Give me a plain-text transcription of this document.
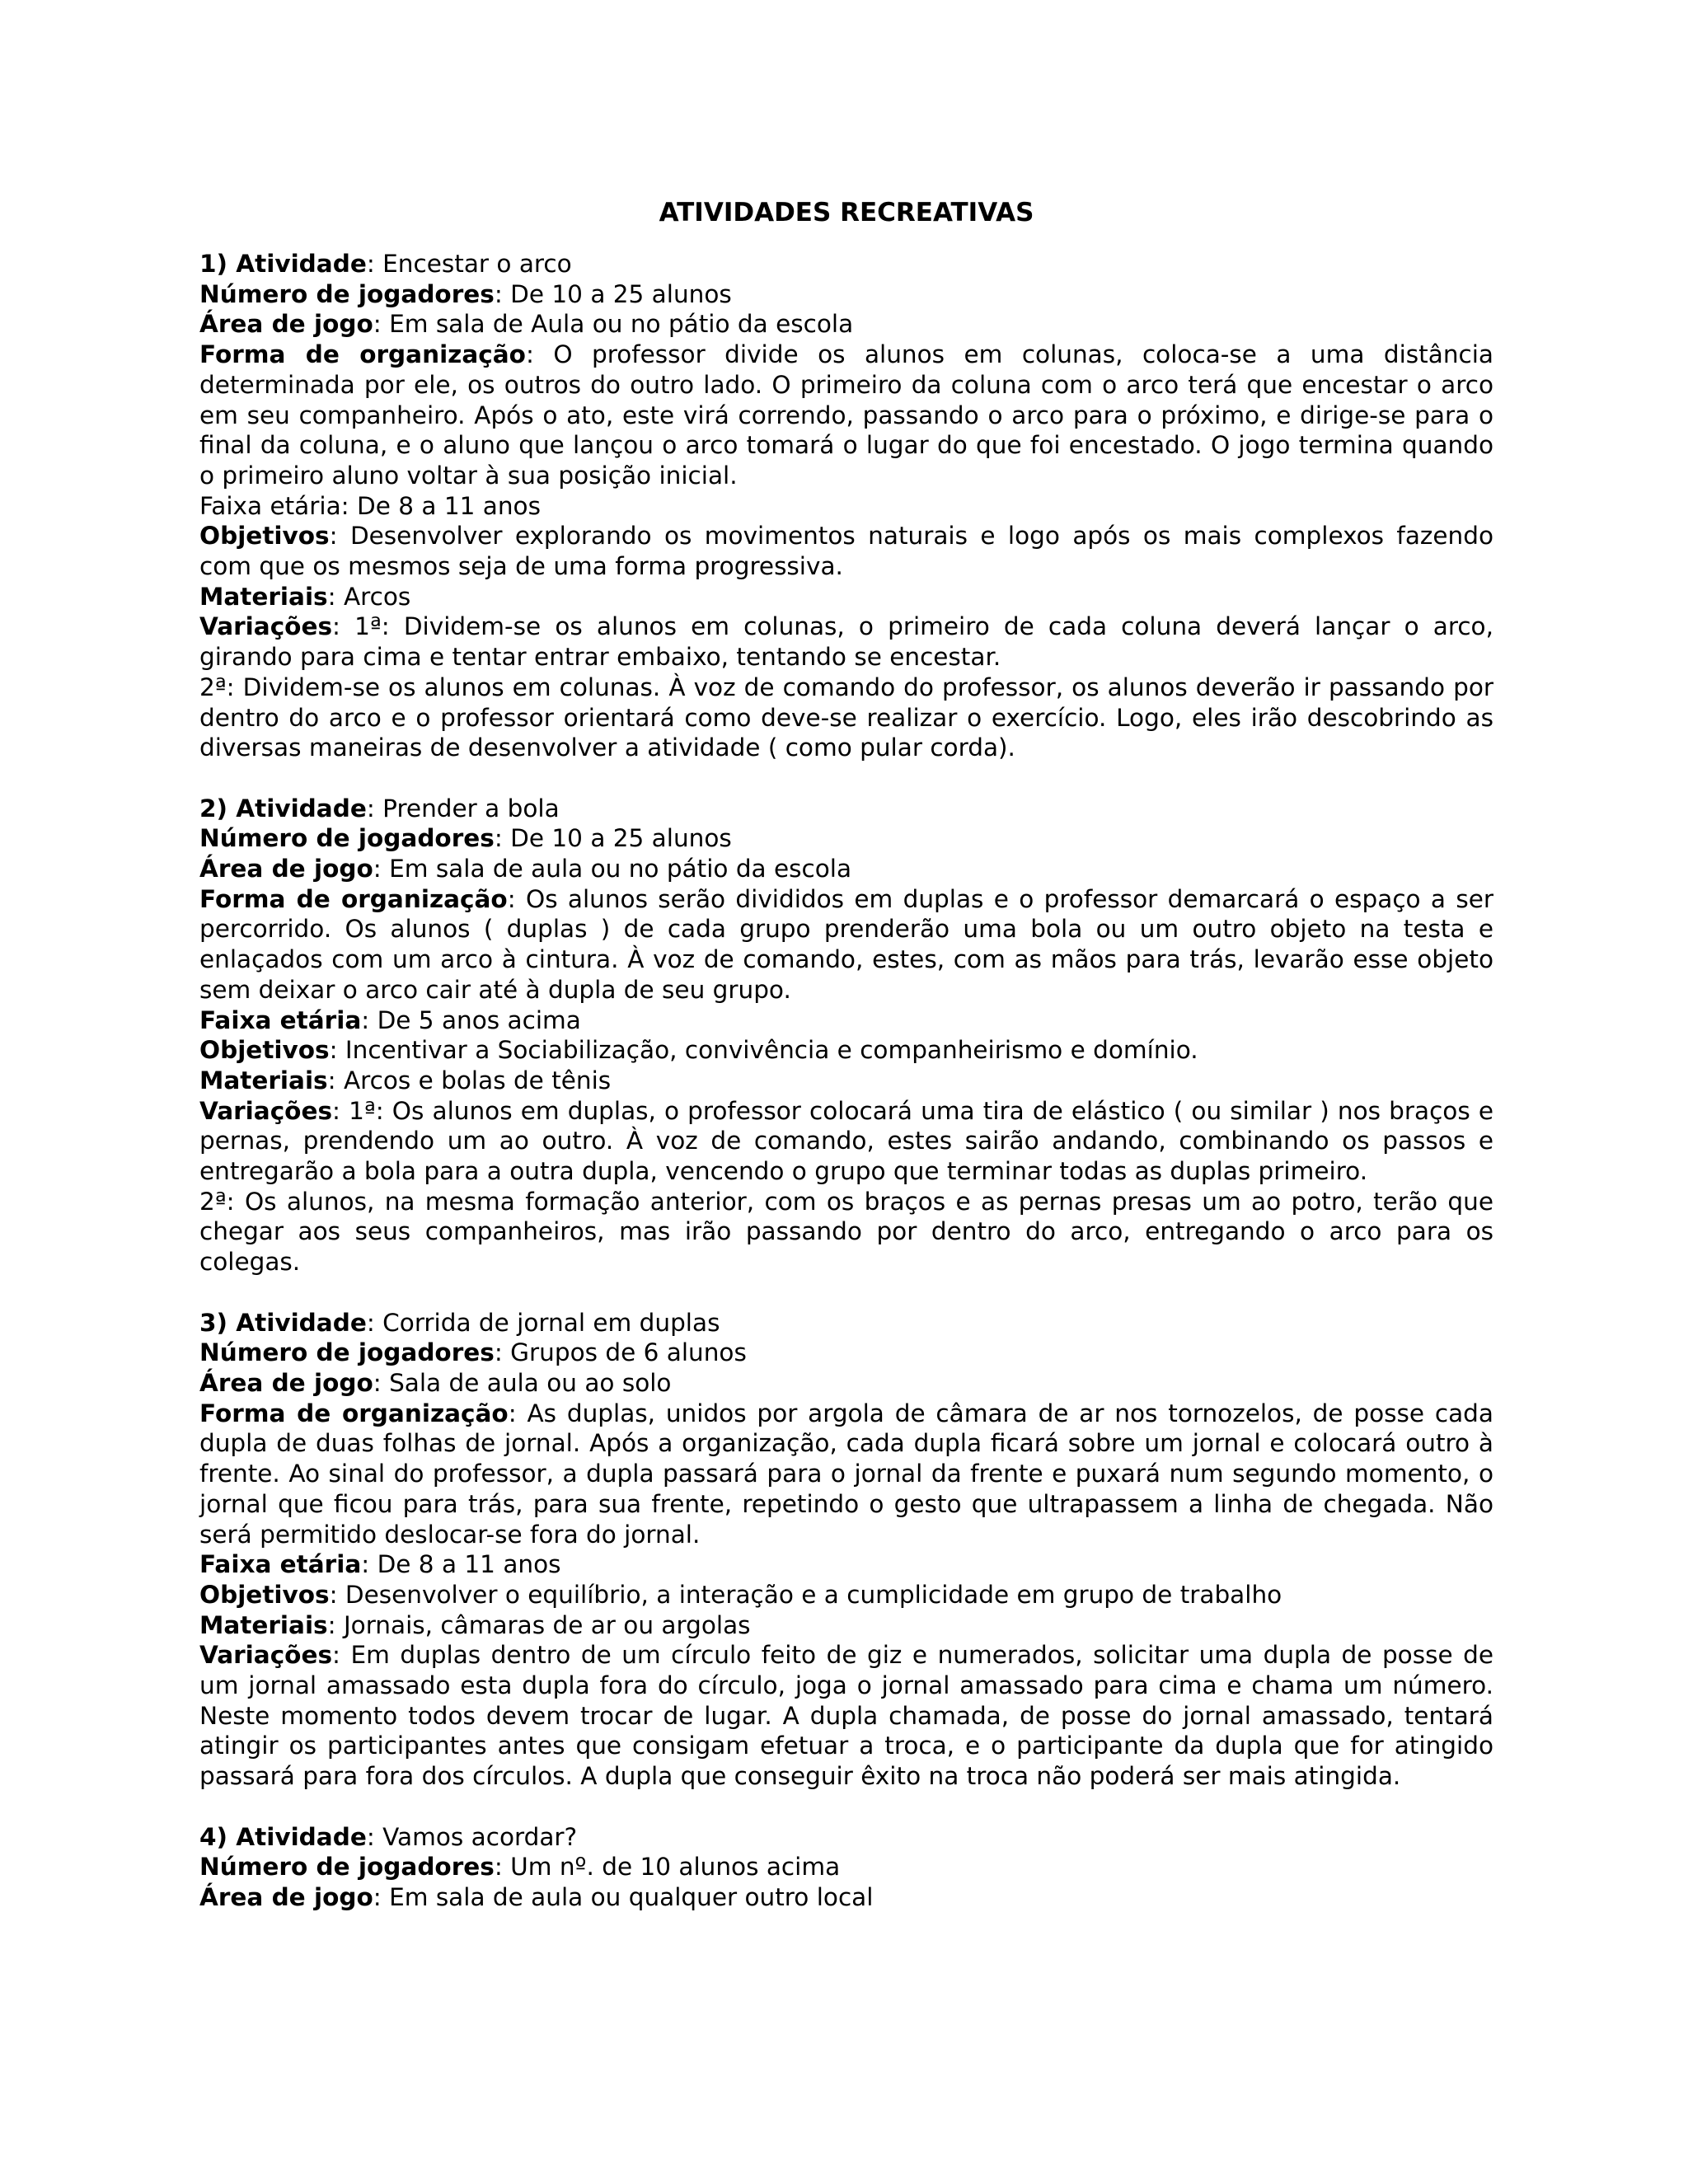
ATIVIDADES RECREATIVAS

1) Atividade: Encestar o arco

Número de jogadores: De 10 a 25 alunos

Área de jogo: Em sala de Aula ou no pátio da escola

Forma de organização: O professor divide os alunos em colunas, coloca-se a uma distância determinada por ele, os outros do outro lado. O primeiro da coluna com o arco terá que encestar o arco em seu companheiro. Após o ato, este virá correndo, passando o arco para o próximo, e dirige-se para o final da coluna, e o aluno que lançou o arco tomará o lugar do que foi encestado. O jogo termina quando o primeiro aluno voltar à sua posição inicial.

Faixa etária: De 8 a 11 anos

Objetivos: Desenvolver explorando os movimentos naturais e logo após os mais complexos fazendo com que os mesmos seja de uma forma progressiva.

Materiais: Arcos

Variações: 1ª: Dividem-se os alunos em colunas, o primeiro de cada coluna deverá lançar o arco, girando para cima e tentar entrar embaixo, tentando se encestar.

2ª: Dividem-se os alunos em colunas. À voz de comando do professor, os alunos deverão ir passando por dentro do arco e o professor orientará como deve-se realizar o exercício. Logo, eles irão descobrindo as diversas maneiras de desenvolver a atividade ( como pular corda).

2) Atividade: Prender a bola

Número de jogadores: De 10 a 25 alunos

Área de jogo: Em sala de aula ou no pátio da escola

Forma de organização: Os alunos serão divididos em duplas e o professor demarcará o espaço a ser percorrido. Os alunos ( duplas ) de cada grupo prenderão uma bola ou um outro objeto na testa e enlaçados com um arco à cintura. À voz de comando, estes, com as mãos para trás, levarão esse objeto sem deixar o arco cair até à dupla de seu grupo.

Faixa etária: De 5 anos acima

Objetivos: Incentivar a Sociabilização, convivência e companheirismo e domínio.

Materiais: Arcos e bolas de tênis

Variações: 1ª: Os alunos em duplas, o professor colocará uma tira de elástico ( ou similar ) nos braços e pernas, prendendo um ao outro. À voz de comando, estes sairão andando, combinando os passos e entregarão a bola para a outra dupla, vencendo o grupo que terminar todas as duplas primeiro.

2ª: Os alunos, na mesma formação anterior, com os braços e as pernas presas um ao potro, terão que chegar aos seus companheiros, mas irão passando por dentro do arco, entregando o arco para os colegas.

3) Atividade: Corrida de jornal em duplas

Número de jogadores: Grupos de 6 alunos

Área de jogo: Sala de aula ou ao solo

Forma de organização: As duplas, unidos por argola de câmara de ar nos tornozelos, de posse cada dupla de duas folhas de jornal. Após a organização, cada dupla ficará sobre um jornal e colocará outro à frente. Ao sinal do professor, a dupla passará para o jornal da frente e puxará num segundo momento, o jornal que ficou para trás, para sua frente, repetindo o gesto que ultrapassem a linha de chegada. Não será permitido deslocar-se fora do jornal.

Faixa etária: De 8 a 11 anos

Objetivos: Desenvolver o equilíbrio, a interação e a cumplicidade em grupo de trabalho

Materiais: Jornais, câmaras de ar ou argolas

Variações: Em duplas dentro de um círculo feito de giz e numerados, solicitar uma dupla de posse de um jornal amassado esta dupla fora do círculo, joga o jornal amassado para cima e chama um número. Neste momento todos devem trocar de lugar. A dupla chamada, de posse do jornal amassado, tentará atingir os participantes antes que consigam efetuar a troca, e o participante da dupla que for atingido passará para fora dos círculos. A dupla que conseguir êxito na troca não poderá ser mais atingida.

4) Atividade: Vamos acordar?

Número de jogadores: Um nº. de 10 alunos acima

Área de jogo: Em sala de aula ou qualquer outro local
